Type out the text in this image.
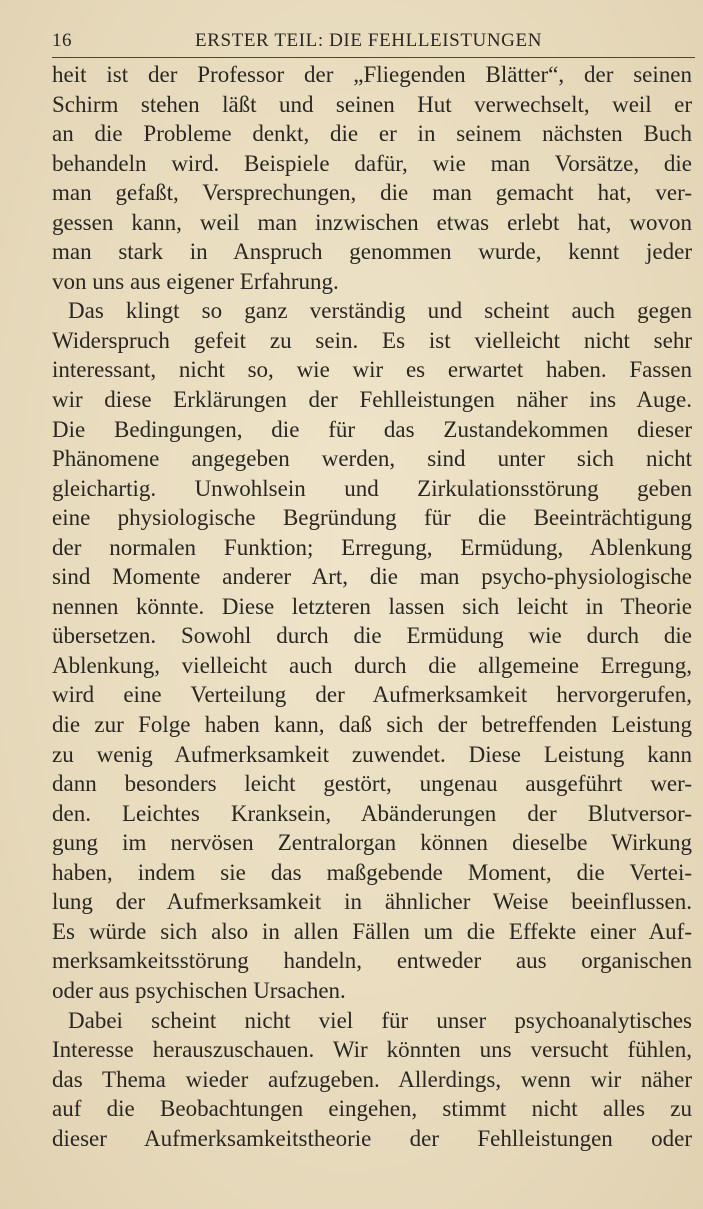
16	ERSTER TEIL: DIE FEHLLEISTUNGEN
heit ist der Professor der „Fliegenden Blätter“, der seinen
Schirm stehen läßt und seinen Hut verwechselt, weil er
an die Probleme denkt, die er in seinem nächsten Buch
behandeln wird. Beispiele dafür, wie man Vorsätze, die
man gefaßt, Versprechungen, die man gemacht hat, ver-
gessen kann, weil man inzwischen etwas erlebt hat, wovon
man stark in Anspruch genommen wurde, kennt jeder
von uns aus eigener Erfahrung.
Das klingt so ganz verständig und scheint auch gegen
Widerspruch gefeit zu sein. Es ist vielleicht nicht sehr
interessant, nicht so, wie wir es erwartet haben. Fassen
wir diese Erklärungen der Fehlleistungen näher ins Auge.
Die Bedingungen, die für das Zustandekommen dieser
Phänomene angegeben werden, sind unter sich nicht
gleichartig. Unwohlsein und Zirkulationsstörung geben
eine physiologische Begründung für die Beeinträchtigung
der normalen Funktion; Erregung, Ermüdung, Ablenkung
sind Momente anderer Art, die man psycho-physiologische
nennen könnte. Diese letzteren lassen sich leicht in Theorie
übersetzen. Sowohl durch die Ermüdung wie durch die
Ablenkung, vielleicht auch durch die allgemeine Erregung,
wird eine Verteilung der Aufmerksamkeit hervorgerufen,
die zur Folge haben kann, daß sich der betreffenden Leistung
zu wenig Aufmerksamkeit zuwendet. Diese Leistung kann
dann besonders leicht gestört, ungenau ausgeführt wer-
den. Leichtes Kranksein, Abänderungen der Blutversor-
gung im nervösen Zentralorgan können dieselbe Wirkung
haben, indem sie das maßgebende Moment, die Vertei-
lung der Aufmerksamkeit in ähnlicher Weise beeinflussen.
Es würde sich also in allen Fällen um die Effekte einer Auf-
merksamkeitsstörung handeln, entweder aus organischen
oder aus psychischen Ursachen.
Dabei scheint nicht viel für unser psychoanalytisches
Interesse herauszuschauen. Wir könnten uns versucht fühlen,
das Thema wieder aufzugeben. Allerdings, wenn wir näher
auf die Beobachtungen eingehen, stimmt nicht alles zu
dieser Aufmerksamkeitstheorie der Fehlleistungen oder
